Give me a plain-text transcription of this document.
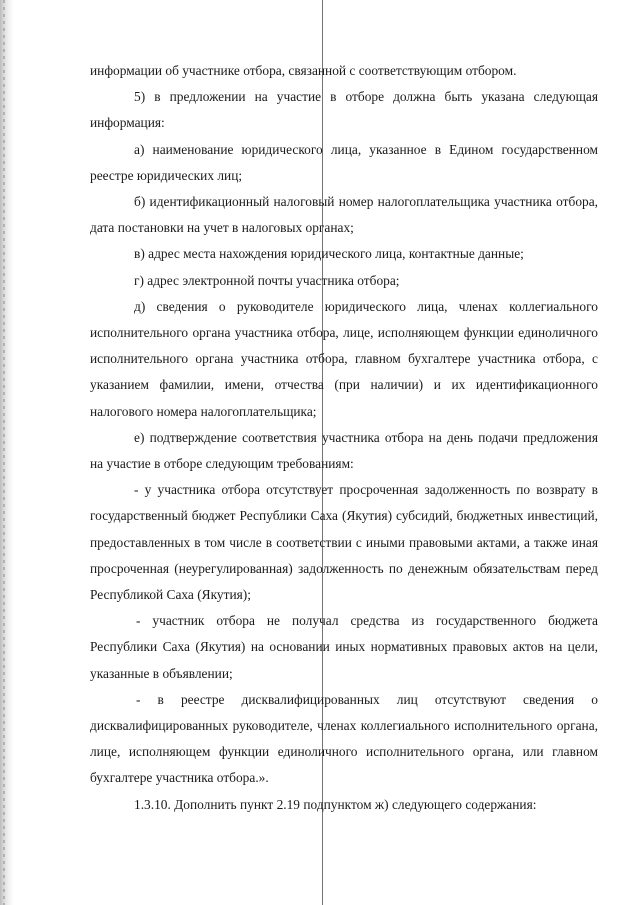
информации об участнике отбора, связанной с соответствующим отбором.

5) в предложении на участие в отборе должна быть указана следующая информация:

а) наименование юридического лица, указанное в Едином государственном реестре юридических лиц;

б) идентификационный налоговый номер налогоплательщика участника отбора, дата постановки на учет в налоговых органах;

в) адрес места нахождения юридического лица, контактные данные;

г) адрес электронной почты участника отбора;

д) сведения о руководителе юридического лица, членах коллегиального исполнительного органа участника отбора, лице, исполняющем функции единоличного исполнительного органа участника отбора, главном бухгалтере участника отбора, с указанием фамилии, имени, отчества (при наличии) и их идентификационного налогового номера налогоплательщика;

е) подтверждение соответствия участника отбора на день подачи предложения на участие в отборе следующим требованиям:

- у участника отбора отсутствует просроченная задолженность по возврату в государственный бюджет Республики Саха (Якутия) субсидий, бюджетных инвестиций, предоставленных в том числе в соответствии с иными правовыми актами, а также иная просроченная (неурегулированная) задолженность по денежным обязательствам перед Республикой Саха (Якутия);

- участник отбора не получал средства из государственного бюджета Республики Саха (Якутия) на основании иных нормативных правовых актов на цели, указанные в объявлении;

- в реестре дисквалифицированных лиц отсутствуют сведения о дисквалифицированных руководителе, членах коллегиального исполнительного органа, лице, исполняющем функции единоличного исполнительного органа, или главном бухгалтере участника отбора.».

1.3.10. Дополнить пункт 2.19 подпунктом ж) следующего содержания:
